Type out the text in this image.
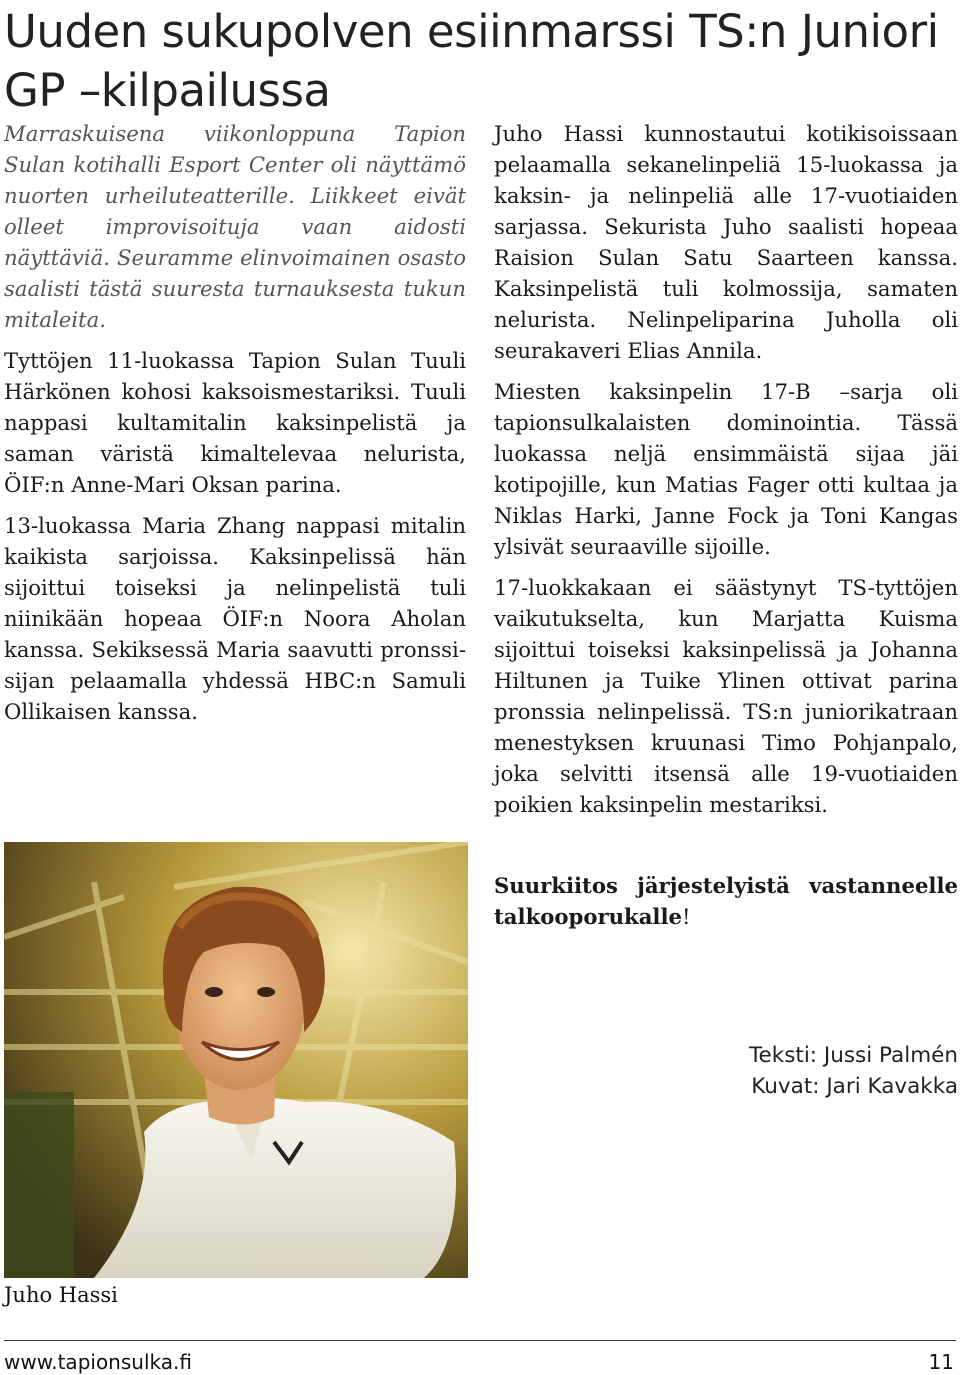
Uuden sukupolven esiinmarssi TS:n Juniori GP –kilpailussa

Marraskuisena viikonloppuna Tapion Sulan kotihalli Esport Center oli näyttämö nuorten urheiluteatterille. Liikkeet eivät olleet improvisoituja vaan aidosti näyttäviä. Seuramme elinvoimainen osasto saalisti tästä suuresta turnauksesta tukun mitaleita.

Tyttöjen 11-luokassa Tapion Sulan Tuuli Härkönen kohosi kaksoismestariksi. Tuuli nappasi kultamitalin kaksinpelistä ja saman väristä kimaltelevaa nelurista, ÖIF:n Anne-Mari Oksan parina.

13-luokassa Maria Zhang nappasi mitalin kaikista sarjoissa. Kaksinpelissä hän sijoittui toiseksi ja nelinpelistä tuli niinikään hopeaa ÖIF:n Noora Aholan kanssa. Sekiksessä Maria saavutti pronssi-sijan pelaamalla yhdessä HBC:n Samuli Ollikaisen kanssa.

Juho Hassi

Juho Hassi kunnostautui kotikisoissaan pelaamalla sekanelinpeliä 15-luokassa ja kaksin- ja nelinpeliä alle 17-vuotiaiden sarjassa. Sekurista Juho saalisti hopeaa Raision Sulan Satu Saarteen kanssa. Kaksinpelistä tuli kolmossija, samaten nelurista. Nelinpeliparina Juholla oli seurakaveri Elias Annila.

Miesten kaksinpelin 17-B –sarja oli tapionsulkalaisten dominointia. Tässä luokassa neljä ensimmäistä sijaa jäi kotipojille, kun Matias Fager otti kultaa ja Niklas Harki, Janne Fock ja Toni Kangas ylsivät seuraaville sijoille.

17-luokkakaan ei säästynyt TS-tyttöjen vaikutukselta, kun Marjatta Kuisma sijoittui toiseksi kaksinpelissä ja Johanna Hiltunen ja Tuike Ylinen ottivat parina pronssia nelinpelissä. TS:n juniorikatraan menestyksen kruunasi Timo Pohjanpalo, joka selvitti itsensä alle 19-vuotiaiden poikien kaksinpelin mestariksi.

Suurkiitos järjestelyistä vastanneelle talkooporukalle!

Teksti: Jussi Palmén
Kuvat: Jari Kavakka
www.tapionsulka.fi	11
